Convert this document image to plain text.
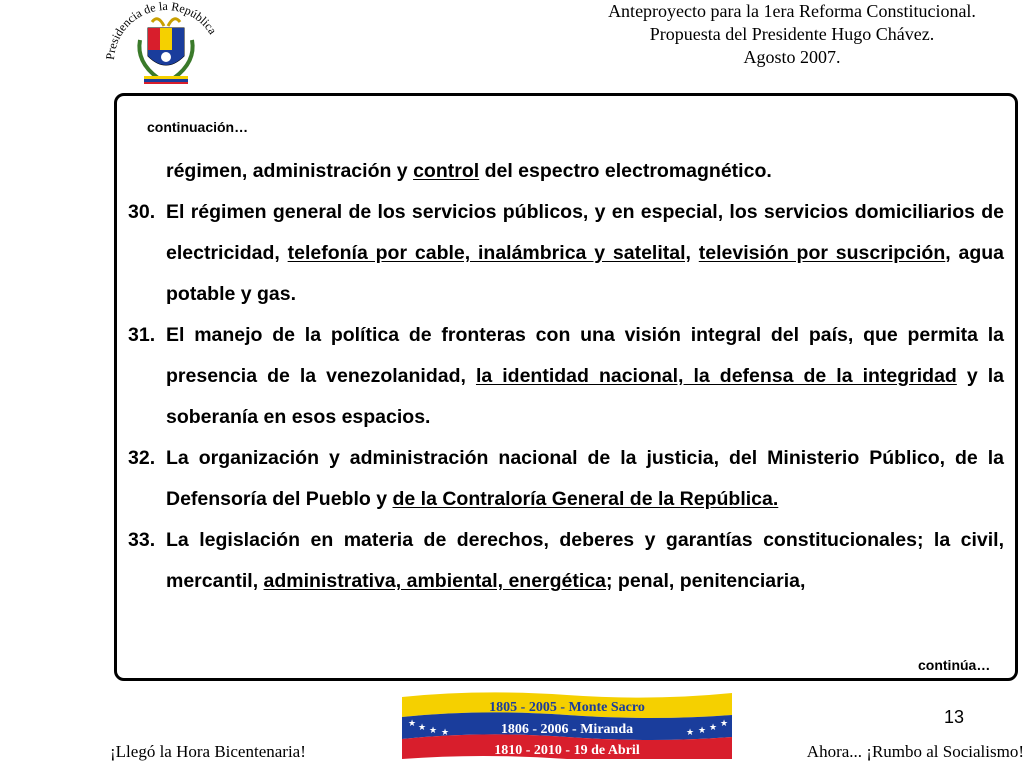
Presidencia de la República
Anteproyecto para la 1era Reforma Constitucional.
Propuesta del Presidente Hugo Chávez.
Agosto 2007.
continuación…
régimen, administración y control del espectro electromagnético.
30. El régimen general de los servicios públicos, y en especial, los servicios domiciliarios de electricidad, telefonía por cable, inalámbrica y satelital, televisión por suscripción, agua potable y gas.
31. El manejo de la política de fronteras con una visión integral del país, que permita la presencia de la venezolanidad, la identidad nacional, la defensa de la integridad y la soberanía en esos espacios.
32. La organización y administración nacional de la justicia, del Ministerio Público, de la Defensoría del Pueblo y de la Contraloría General de la República.
33. La legislación en materia de derechos, deberes y garantías constitucionales; la civil, mercantil, administrativa, ambiental, energética; penal, penitenciaria,
continúa…
13
★ ★ ★ ★	★ ★ ★ ★
1805 - 2005 - Monte Sacro
1806 - 2006 - Miranda
1810 - 2010 - 19 de Abril
¡Llegó la Hora Bicentenaria!	Ahora... ¡Rumbo al Socialismo!
